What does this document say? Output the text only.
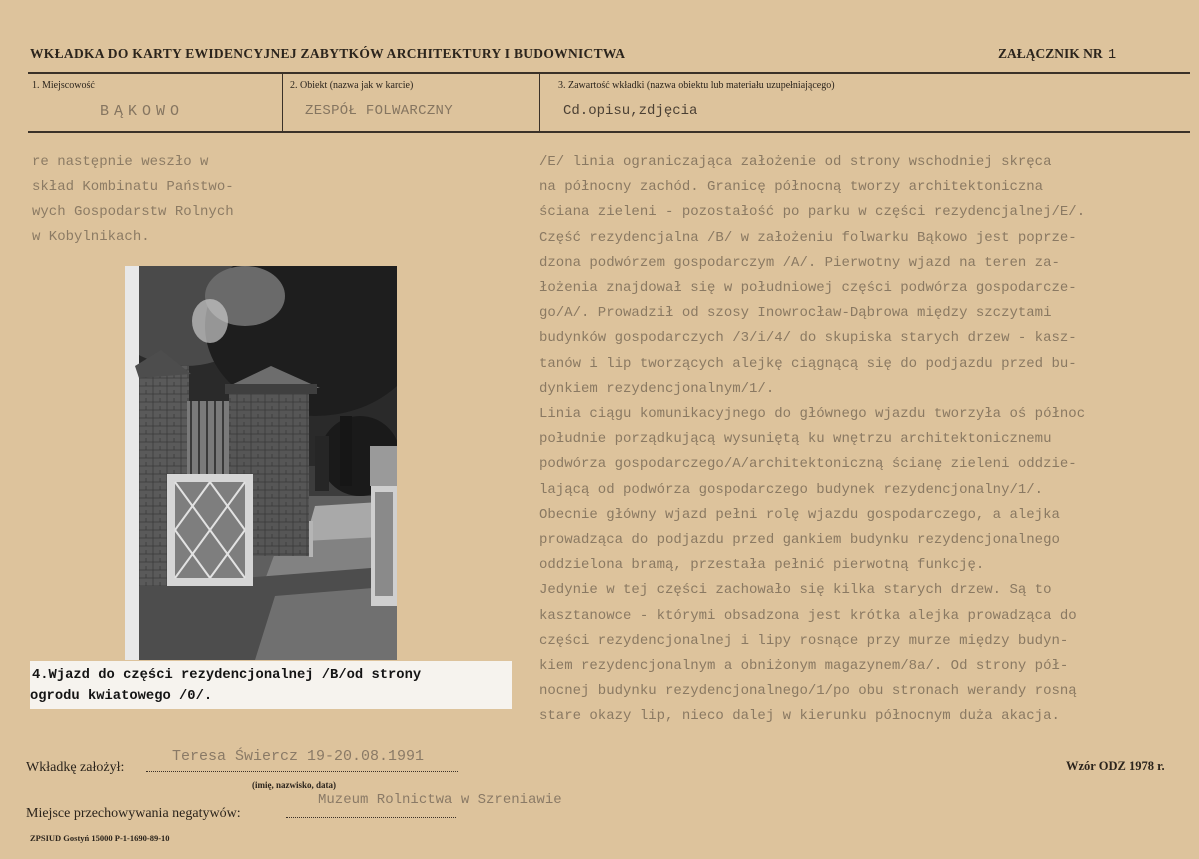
WKŁADKA DO KARTY EWIDENCYJNEJ ZABYTKÓW ARCHITEKTURY I BUDOWNICTWA	ZAŁĄCZNIK NR 1
1. Miejscowość	2. Obiekt (nazwa jak w karcie)	3. Zawartość wkładki (nazwa obiektu lub materiału uzupełniającego)
BĄKOWO	ZESPÓŁ FOLWARCZNY	Cd.opisu,zdjęcia
re następnie weszło w
skład Kombinatu Państwo-
wych Gospodarstw Rolnych
w Kobylnikach.
4.Wjazd do części rezydencjonalnej /B/od strony
ogrodu kwiatowego /0/.
/E/ linia ograniczająca założenie od strony wschodniej skręca
na północny zachód. Granicę północną tworzy architektoniczna
ściana zieleni - pozostałość po parku w części rezydencjalnej/E/.
Część rezydencjalna /B/ w założeniu folwarku Bąkowo jest poprze-
dzona podwórzem gospodarczym /A/. Pierwotny wjazd na teren za-
łożenia znajdował się w południowej części podwórza gospodarcze-
go/A/. Prowadził od szosy Inowrocław-Dąbrowa między szczytami
budynków gospodarczych /3/i/4/ do skupiska starych drzew - kasz-
tanów i lip tworzących alejkę ciągnącą się do podjazdu przed bu-
dynkiem rezydencjonalnym/1/.
Linia ciągu komunikacyjnego do głównego wjazdu tworzyła oś północ
południe porządkującą wysuniętą ku wnętrzu architektonicznemu
podwórza gospodarczego/A/architektoniczną ścianę zieleni oddzie-
lającą od podwórza gospodarczego budynek rezydencjonalny/1/.
Obecnie główny wjazd pełni rolę wjazdu gospodarczego, a alejka
prowadząca do podjazdu przed gankiem budynku rezydencjonalnego
oddzielona bramą, przestała pełnić pierwotną funkcję.
Jedynie w tej części zachowało się kilka starych drzew. Są to
kasztanowce - którymi obsadzona jest krótka alejka prowadząca do
części rezydencjonalnej i lipy rosnące przy murze między budyn-
kiem rezydencjonalnym a obniżonym magazynem/8a/. Od strony pół-
nocnej budynku rezydencjonalnego/1/po obu stronach werandy rosną
stare okazy lip, nieco dalej w kierunku północnym duża akacja.
Wkładkę założył:
Teresa Świercz 19-20.08.1991
(imię, nazwisko, data)
Wzór ODZ 1978 r.
Miejsce przechowywania negatywów:
Muzeum Rolnictwa w Szreniawie
ZPSIUD Gostyń 15000 P-1-1690-89-10
